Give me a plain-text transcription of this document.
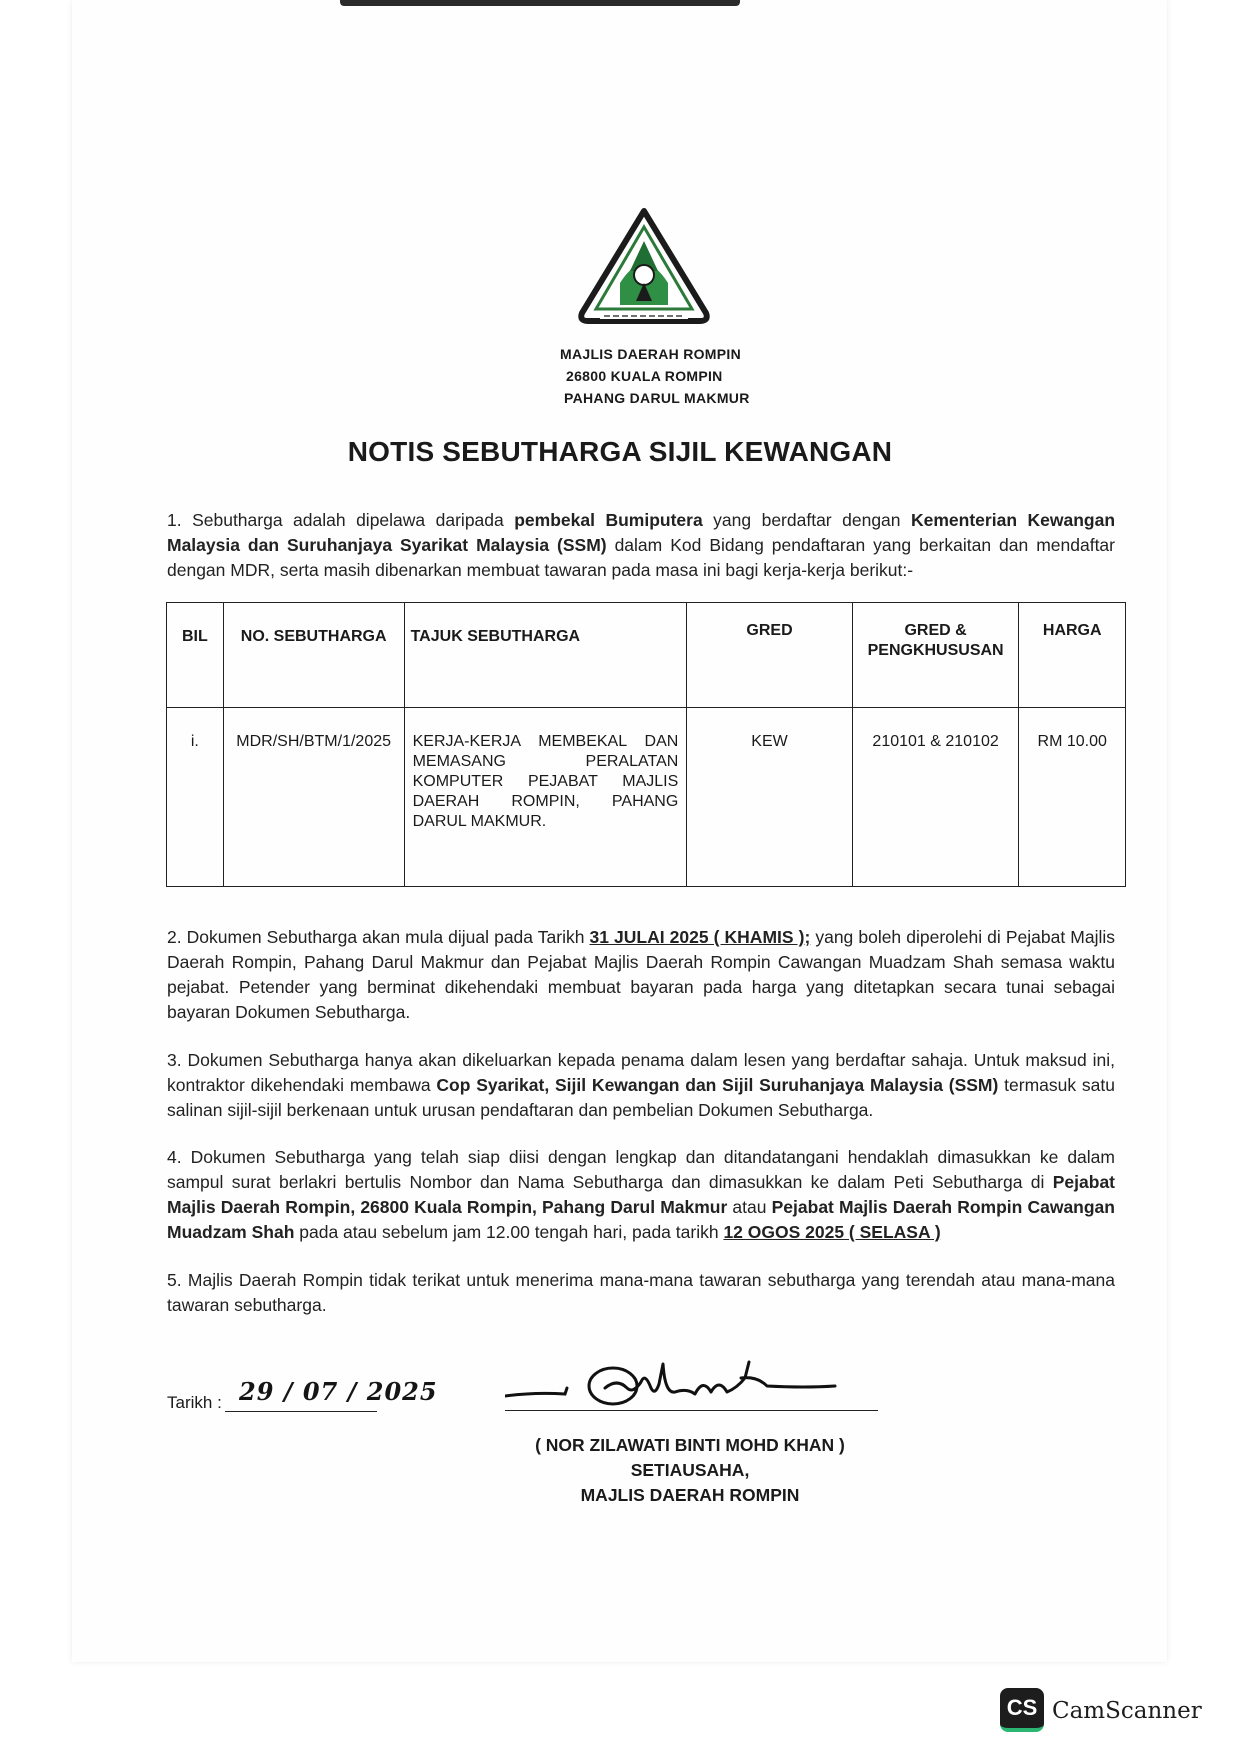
MAJLIS DAERAH ROMPIN
26800 KUALA ROMPIN
PAHANG DARUL MAKMUR
NOTIS SEBUTHARGA SIJIL KEWANGAN
1. Sebutharga adalah dipelawa daripada pembekal Bumiputera yang berdaftar dengan Kementerian Kewangan Malaysia dan Suruhanjaya Syarikat Malaysia (SSM) dalam Kod Bidang pendaftaran yang berkaitan dan mendaftar dengan MDR, serta masih dibenarkan membuat tawaran pada masa ini bagi kerja-kerja berikut:-
BIL	NO. SEBUTHARGA	TAJUK SEBUTHARGA	GRED	GRED & PENGKHUSUSAN	HARGA
i.	MDR/SH/BTM/1/2025	KERJA-KERJA MEMBEKAL DAN MEMASANG PERALATAN KOMPUTER PEJABAT MAJLIS DAERAH ROMPIN, PAHANG DARUL MAKMUR.	KEW	210101 & 210102	RM 10.00
2. Dokumen Sebutharga akan mula dijual pada Tarikh 31 JULAI 2025 ( KHAMIS ); yang boleh diperolehi di Pejabat Majlis Daerah Rompin, Pahang Darul Makmur dan Pejabat Majlis Daerah Rompin Cawangan Muadzam Shah semasa waktu pejabat. Petender yang berminat dikehendaki membuat bayaran pada harga yang ditetapkan secara tunai sebagai bayaran Dokumen Sebutharga.
3. Dokumen Sebutharga hanya akan dikeluarkan kepada penama dalam lesen yang berdaftar sahaja. Untuk maksud ini, kontraktor dikehendaki membawa Cop Syarikat, Sijil Kewangan dan Sijil Suruhanjaya Malaysia (SSM) termasuk satu salinan sijil-sijil berkenaan untuk urusan pendaftaran dan pembelian Dokumen Sebutharga.
4. Dokumen Sebutharga yang telah siap diisi dengan lengkap dan ditandatangani hendaklah dimasukkan ke dalam sampul surat berlakri bertulis Nombor dan Nama Sebutharga dan dimasukkan ke dalam Peti Sebutharga di Pejabat Majlis Daerah Rompin, 26800 Kuala Rompin, Pahang Darul Makmur atau Pejabat Majlis Daerah Rompin Cawangan Muadzam Shah pada atau sebelum jam 12.00 tengah hari, pada tarikh 12 OGOS 2025 ( SELASA )
5. Majlis Daerah Rompin tidak terikat untuk menerima mana-mana tawaran sebutharga yang terendah atau mana-mana tawaran sebutharga.
Tarikh : 29 / 07 / 2025
( NOR ZILAWATI BINTI MOHD KHAN )
SETIAUSAHA,
MAJLIS DAERAH ROMPIN
CS CamScanner
